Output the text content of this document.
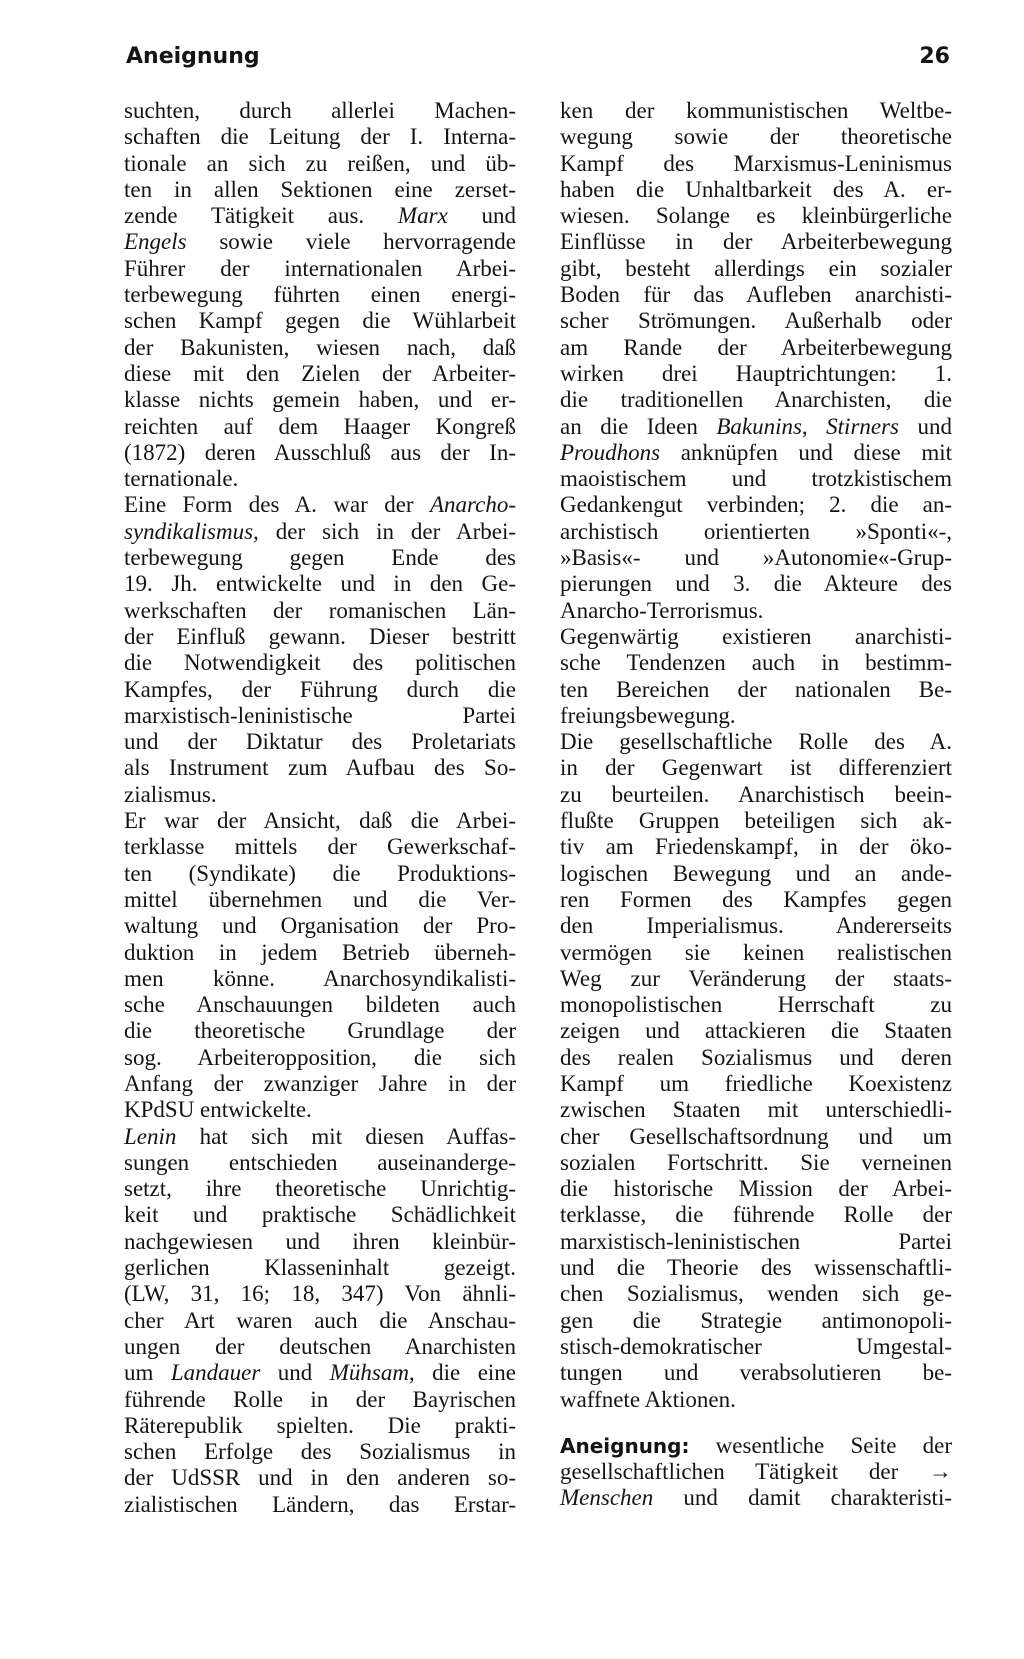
Aneignung	26
suchten, durch allerlei Machen-
schaften die Leitung der I. Interna-
tionale an sich zu reißen, und üb-
ten in allen Sektionen eine zerset-
zende Tätigkeit aus. Marx und
Engels sowie viele hervorragende
Führer der internationalen Arbei-
terbewegung führten einen energi-
schen Kampf gegen die Wühlarbeit
der Bakunisten, wiesen nach, daß
diese mit den Zielen der Arbeiter-
klasse nichts gemein haben, und er-
reichten auf dem Haager Kongreß
(1872) deren Ausschluß aus der In-
ternationale.
Eine Form des A. war der Anarcho-
syndikalismus, der sich in der Arbei-
terbewegung gegen Ende des
19. Jh. entwickelte und in den Ge-
werkschaften der romanischen Län-
der Einfluß gewann. Dieser bestritt
die Notwendigkeit des politischen
Kampfes, der Führung durch die
marxistisch-leninistische Partei
und der Diktatur des Proletariats
als Instrument zum Aufbau des So-
zialismus.
Er war der Ansicht, daß die Arbei-
terklasse mittels der Gewerkschaf-
ten (Syndikate) die Produktions-
mittel übernehmen und die Ver-
waltung und Organisation der Pro-
duktion in jedem Betrieb überneh-
men könne. Anarchosyndikalisti-
sche Anschauungen bildeten auch
die theoretische Grundlage der
sog. Arbeiteropposition, die sich
Anfang der zwanziger Jahre in der
KPdSU entwickelte.
Lenin hat sich mit diesen Auffas-
sungen entschieden auseinanderge-
setzt, ihre theoretische Unrichtig-
keit und praktische Schädlichkeit
nachgewiesen und ihren kleinbür-
gerlichen Klasseninhalt gezeigt.
(LW, 31, 16; 18, 347) Von ähnli-
cher Art waren auch die Anschau-
ungen der deutschen Anarchisten
um Landauer und Mühsam, die eine
führende Rolle in der Bayrischen
Räterepublik spielten. Die prakti-
schen Erfolge des Sozialismus in
der UdSSR und in den anderen so-
zialistischen Ländern, das Erstar-
ken der kommunistischen Weltbe-
wegung sowie der theoretische
Kampf des Marxismus-Leninismus
haben die Unhaltbarkeit des A. er-
wiesen. Solange es kleinbürgerliche
Einflüsse in der Arbeiterbewegung
gibt, besteht allerdings ein sozialer
Boden für das Aufleben anarchisti-
scher Strömungen. Außerhalb oder
am Rande der Arbeiterbewegung
wirken drei Hauptrichtungen: 1.
die traditionellen Anarchisten, die
an die Ideen Bakunins, Stirners und
Proudhons anknüpfen und diese mit
maoistischem und trotzkistischem
Gedankengut verbinden; 2. die an-
archistisch orientierten »Sponti«-,
»Basis«- und »Autonomie«-Grup-
pierungen und 3. die Akteure des
Anarcho-Terrorismus.
Gegenwärtig existieren anarchisti-
sche Tendenzen auch in bestimm-
ten Bereichen der nationalen Be-
freiungsbewegung.
Die gesellschaftliche Rolle des A.
in der Gegenwart ist differenziert
zu beurteilen. Anarchistisch beein-
flußte Gruppen beteiligen sich ak-
tiv am Friedenskampf, in der öko-
logischen Bewegung und an ande-
ren Formen des Kampfes gegen
den Imperialismus. Andererseits
vermögen sie keinen realistischen
Weg zur Veränderung der staats-
monopolistischen Herrschaft zu
zeigen und attackieren die Staaten
des realen Sozialismus und deren
Kampf um friedliche Koexistenz
zwischen Staaten mit unterschiedli-
cher Gesellschaftsordnung und um
sozialen Fortschritt. Sie verneinen
die historische Mission der Arbei-
terklasse, die führende Rolle der
marxistisch-leninistischen Partei
und die Theorie des wissenschaftli-
chen Sozialismus, wenden sich ge-
gen die Strategie antimonopoli-
stisch-demokratischer Umgestal-
tungen und verabsolutieren be-
waffnete Aktionen.
Aneignung: wesentliche Seite der
gesellschaftlichen Tätigkeit der →
Menschen und damit charakteristi-
